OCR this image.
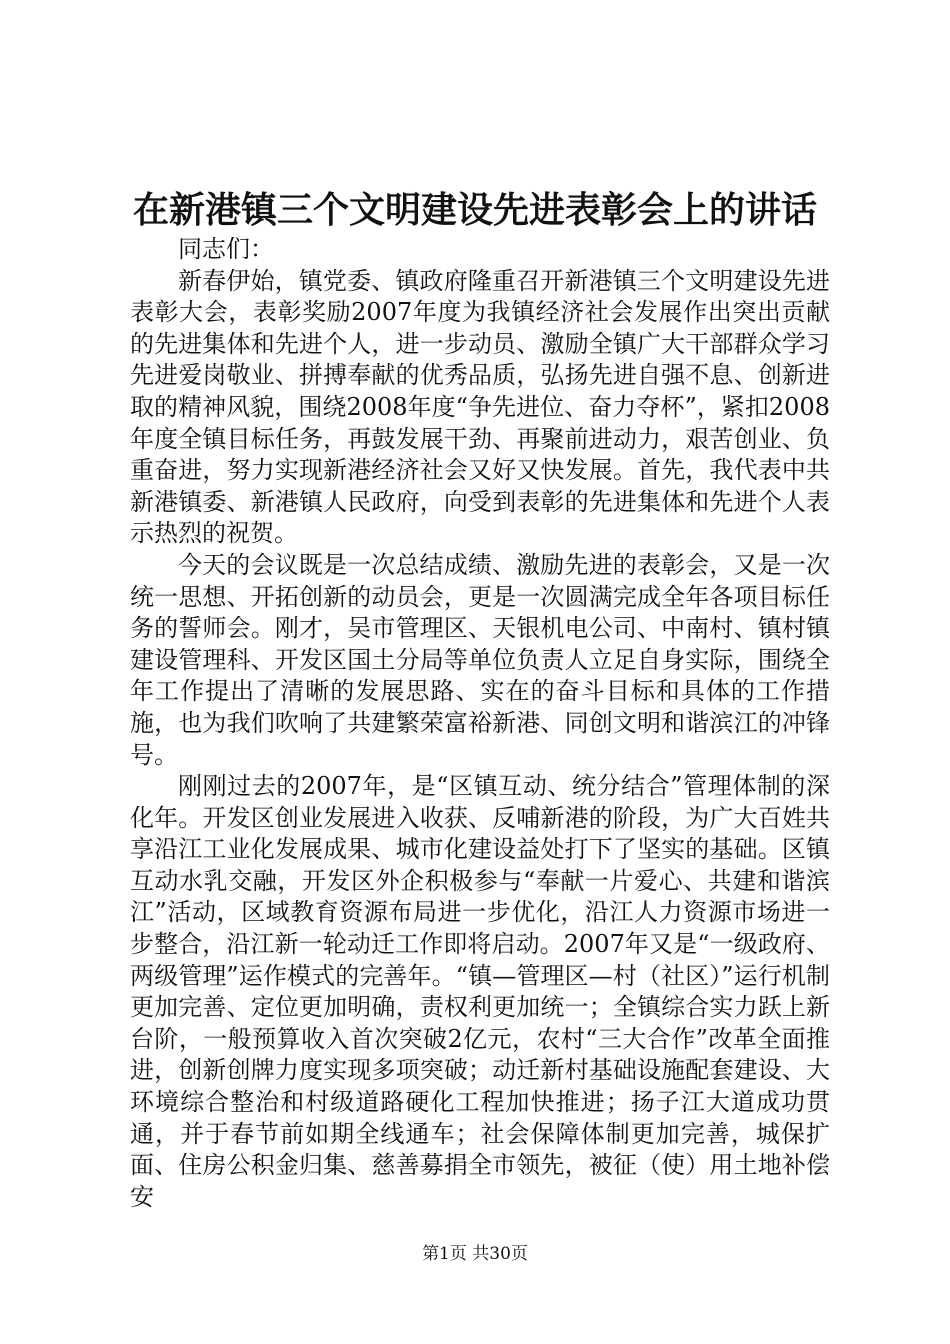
在新港镇三个文明建设先进表彰会上的讲话

同志们：

新春伊始，镇党委、镇政府隆重召开新港镇三个文明建设先进表彰大会，表彰奖励2007年度为我镇经济社会发展作出突出贡献的先进集体和先进个人，进一步动员、激励全镇广大干部群众学习先进爱岗敬业、拼搏奉献的优秀品质，弘扬先进自强不息、创新进取的精神风貌，围绕2008年度“争先进位、奋力夺杯”，紧扣2008年度全镇目标任务，再鼓发展干劲、再聚前进动力，艰苦创业、负重奋进，努力实现新港经济社会又好又快发展。首先，我代表中共新港镇委、新港镇人民政府，向受到表彰的先进集体和先进个人表示热烈的祝贺。

今天的会议既是一次总结成绩、激励先进的表彰会，又是一次统一思想、开拓创新的动员会，更是一次圆满完成全年各项目标任务的誓师会。刚才，吴市管理区、天银机电公司、中南村、镇村镇建设管理科、开发区国土分局等单位负责人立足自身实际，围绕全年工作提出了清晰的发展思路、实在的奋斗目标和具体的工作措施，也为我们吹响了共建繁荣富裕新港、同创文明和谐滨江的冲锋号。

刚刚过去的2007年，是“区镇互动、统分结合”管理体制的深化年。开发区创业发展进入收获、反哺新港的阶段，为广大百姓共享沿江工业化发展成果、城市化建设益处打下了坚实的基础。区镇互动水乳交融，开发区外企积极参与“奉献一片爱心、共建和谐滨江”活动，区域教育资源布局进一步优化，沿江人力资源市场进一步整合，沿江新一轮动迁工作即将启动。2007年又是“一级政府、两级管理”运作模式的完善年。“镇—管理区—村（社区）”运行机制更加完善、定位更加明确，责权利更加统一；全镇综合实力跃上新台阶，一般预算收入首次突破2亿元，农村“三大合作”改革全面推进，创新创牌力度实现多项突破；动迁新村基础设施配套建设、大环境综合整治和村级道路硬化工程加快推进；扬子江大道成功贯通，并于春节前如期全线通车；社会保障体制更加完善，城保扩面、住房公积金归集、慈善募捐全市领先，被征（使）用土地补偿安

第1页 共30页
